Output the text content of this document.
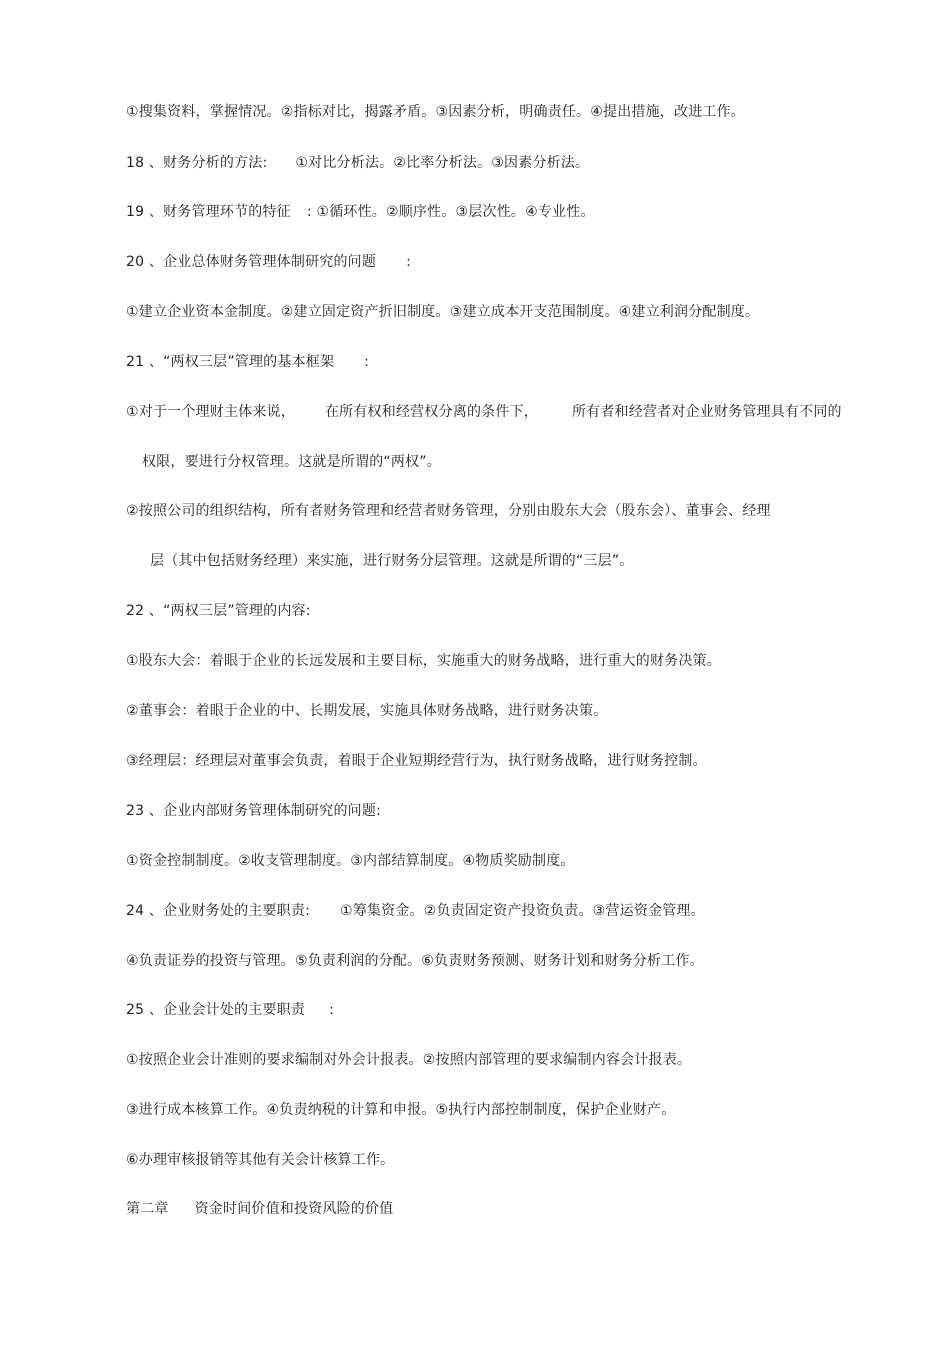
①搜集资料，掌握情况。②指标对比，揭露矛盾。③因素分析，明确责任。④提出措施，改进工作。
18 、财务分析的方法: ①对比分析法。②比率分析法。③因素分析法。
19 、财务管理环节的特征 : ①循环性。②顺序性。③层次性。④专业性。
20 、企业总体财务管理体制研究的问题 :
①建立企业资本金制度。②建立固定资产折旧制度。③建立成本开支范围制度。④建立利润分配制度。
21 、“两权三层”管理的基本框架 :
①对于一个理财主体来说， 在所有权和经营权分离的条件下， 所有者和经营者对企业财务管理具有不同的
权限，要进行分权管理。这就是所谓的“两权”。
②按照公司的组织结构，所有者财务管理和经营者财务管理，分别由股东大会（股东会）、董事会、经理
层（其中包括财务经理）来实施，进行财务分层管理。这就是所谓的“三层”。
22 、“两权三层”管理的内容:
①股东大会：着眼于企业的长远发展和主要目标，实施重大的财务战略，进行重大的财务决策。
②董事会：着眼于企业的中、长期发展，实施具体财务战略，进行财务决策。
③经理层：经理层对董事会负责，着眼于企业短期经营行为，执行财务战略，进行财务控制。
23 、企业内部财务管理体制研究的问题:
①资金控制制度。②收支管理制度。③内部结算制度。④物质奖励制度。
24 、企业财务处的主要职责: ①筹集资金。②负责固定资产投资负责。③营运资金管理。
④负责证券的投资与管理。⑤负责利润的分配。⑥负责财务预测、财务计划和财务分析工作。
25 、企业会计处的主要职责 :
①按照企业会计准则的要求编制对外会计报表。②按照内部管理的要求编制内容会计报表。
③进行成本核算工作。④负责纳税的计算和申报。⑤执行内部控制制度，保护企业财产。
⑥办理审核报销等其他有关会计核算工作。
第二章 资金时间价值和投资风险的价值
